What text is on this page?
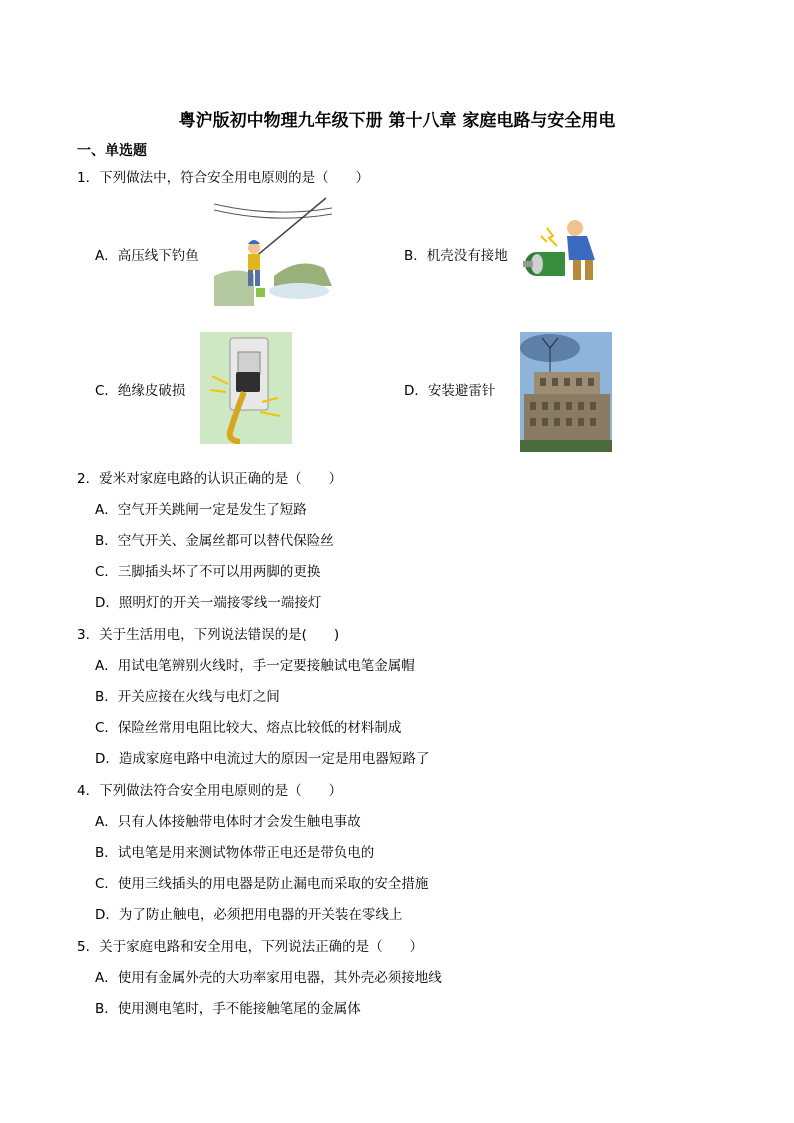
粤沪版初中物理九年级下册 第十八章 家庭电路与安全用电
一、单选题
1．下列做法中，符合安全用电原则的是（　　）
A．高压线下钓鱼	B．机壳没有接地
C．绝缘皮破损	D．安装避雷针
2．爱米对家庭电路的认识正确的是（　　）
A．空气开关跳闸一定是发生了短路
B．空气开关、金属丝都可以替代保险丝
C．三脚插头坏了不可以用两脚的更换
D．照明灯的开关一端接零线一端接灯
3．关于生活用电，下列说法错误的是(　　)
A．用试电笔辨别火线时，手一定要接触试电笔金属帽
B．开关应接在火线与电灯之间
C．保险丝常用电阻比较大、熔点比较低的材料制成
D．造成家庭电路中电流过大的原因一定是用电器短路了
4．下列做法符合安全用电原则的是（　　）
A．只有人体接触带电体时才会发生触电事故
B．试电笔是用来测试物体带正电还是带负电的
C．使用三线插头的用电器是防止漏电而采取的安全措施
D．为了防止触电，必须把用电器的开关装在零线上
5．关于家庭电路和安全用电，下列说法正确的是（　　）
A．使用有金属外壳的大功率家用电器，其外壳必须接地线
B．使用测电笔时，手不能接触笔尾的金属体
